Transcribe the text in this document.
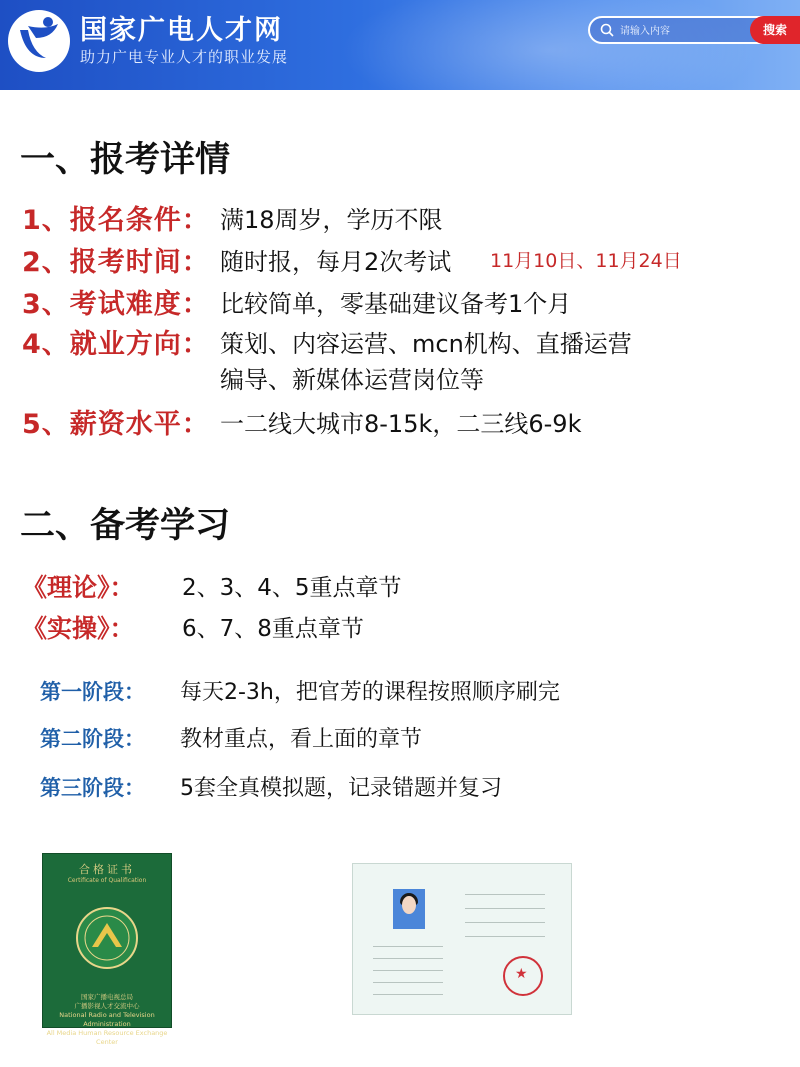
国家广电人才网
助力广电专业人才的职业发展
请输入内容
搜索
一、报考详情
1、报名条件： 满18周岁，学历不限
2、报考时间： 随时报，每月2次考试 11月10日、11月24日
3、考试难度： 比较简单，零基础建议备考1个月
4、就业方向： 策划、内容运营、mcn机构、直播运营
编导、新媒体运营岗位等
5、薪资水平： 一二线大城市8-15k，二三线6-9k
二、备考学习
《理论》： 2、3、4、5重点章节
《实操》： 6、7、8重点章节
第一阶段： 每天2-3h，把官芳的课程按照顺序刷完
第二阶段： 教材重点，看上面的章节
第三阶段： 5套全真模拟题，记录错题并复习
合格证书
Certificate of Qualification
国家广播电视总局
广播影视人才交流中心
National Radio and Television Administration
All Media Human Resource Exchange Center
★
